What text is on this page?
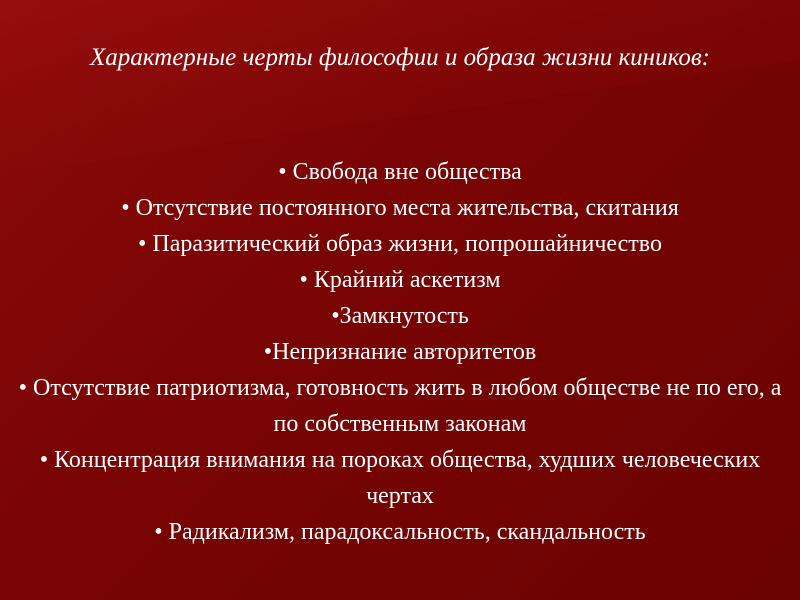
Характерные черты философии и образа жизни киников:
• Свобода вне общества
• Отсутствие постоянного места жительства, скитания
• Паразитический образ жизни, попрошайничество
• Крайний аскетизм
•Замкнутость
•Непризнание авторитетов
• Отсутствие патриотизма, готовность жить в любом обществе не по его, а по собственным законам
• Концентрация внимания на пороках общества, худших человеческих чертах
• Радикализм, парадоксальность, скандальность
